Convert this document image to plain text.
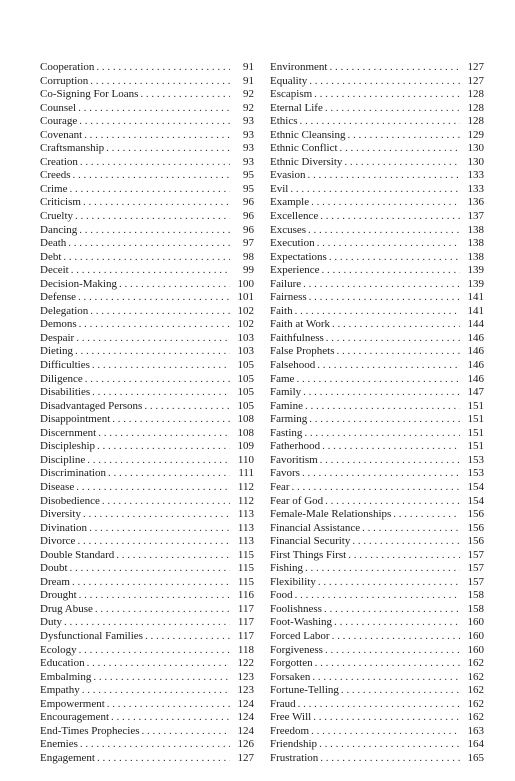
Cooperation . . .	91
Corruption . . .	91
Co-Signing For Loans . . .	92
Counsel . . .	92
Courage . . .	93
Covenant . . .	93
Craftsmanship . . .	93
Creation . . .	93
Creeds . . .	95
Crime . . .	95
Criticism . . .	96
Cruelty . . .	96
Dancing . . .	96
Death . . .	97
Debt . . .	98
Deceit . . .	99
Decision-Making . . .	100
Defense . . .	101
Delegation . . .	102
Demons . . .	102
Despair . . .	103
Dieting . . .	103
Difficulties . . .	105
Diligence . . .	105
Disabilities . . .	105
Disadvantaged Persons . . .	105
Disappointment . . .	108
Discernment . . .	108
Discipleship . . .	109
Discipline . . .	110
Discrimination . . .	111
Disease . . .	112
Disobedience . . .	112
Diversity . . .	113
Divination . . .	113
Divorce . . .	113
Double Standard . . .	115
Doubt . . .	115
Dream . . .	115
Drought . . .	116
Drug Abuse . . .	117
Duty . . .	117
Dysfunctional Families . . .	117
Ecology . . .	118
Education . . .	122
Embalming . . .	123
Empathy . . .	123
Empowerment . . .	124
Encouragement . . .	124
End-Times Prophecies . . .	124
Enemies . . .	126
Engagement . . .	127
Environment . . .	127
Equality . . .	127
Escapism . . .	128
Eternal Life . . .	128
Ethics . . .	128
Ethnic Cleansing . . .	129
Ethnic Conflict . . .	130
Ethnic Diversity . . .	130
Evasion . . .	133
Evil . . .	133
Example . . .	136
Excellence . . .	137
Excuses . . .	138
Execution . . .	138
Expectations . . .	138
Experience . . .	139
Failure . . .	139
Fairness . . .	141
Faith . . .	141
Faith at Work . . .	144
Faithfulness . . .	146
False Prophets . . .	146
Falsehood . . .	146
Fame . . .	146
Family . . .	147
Famine . . .	151
Farming . . .	151
Fasting . . .	151
Fatherhood . . .	151
Favoritism . . .	153
Favors . . .	153
Fear . . .	154
Fear of God . . .	154
Female-Male Relationships . . .	156
Financial Assistance . . .	156
Financial Security . . .	156
First Things First . . .	157
Fishing . . .	157
Flexibility . . .	157
Food . . .	158
Foolishness . . .	158
Foot-Washing . . .	160
Forced Labor . . .	160
Forgiveness . . .	160
Forgotten . . .	162
Forsaken . . .	162
Fortune-Telling . . .	162
Fraud . . .	162
Free Will . . .	162
Freedom . . .	163
Friendship . . .	164
Frustration . . .	165
